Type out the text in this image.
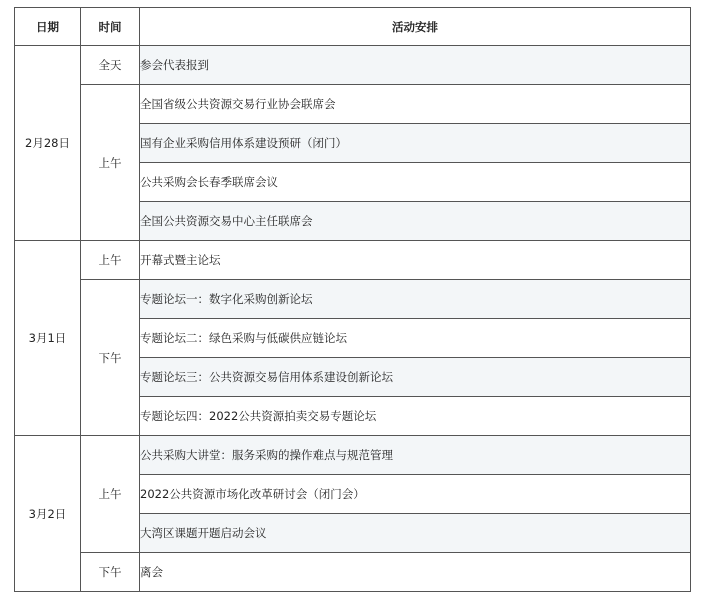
日期	时间	活动安排
2月28日	全天	参会代表报到
	上午	全国省级公共资源交易行业协会联席会
		国有企业采购信用体系建设预研（闭门）
		公共采购会长春季联席会议
		全国公共资源交易中心主任联席会
3月1日	上午	开幕式暨主论坛
	下午	专题论坛一：数字化采购创新论坛
		专题论坛二：绿色采购与低碳供应链论坛
		专题论坛三：公共资源交易信用体系建设创新论坛
		专题论坛四：2022公共资源拍卖交易专题论坛
3月2日	上午	公共采购大讲堂：服务采购的操作难点与规范管理
		2022公共资源市场化改革研讨会（闭门会）
		大湾区课题开题启动会议
	下午	离会
